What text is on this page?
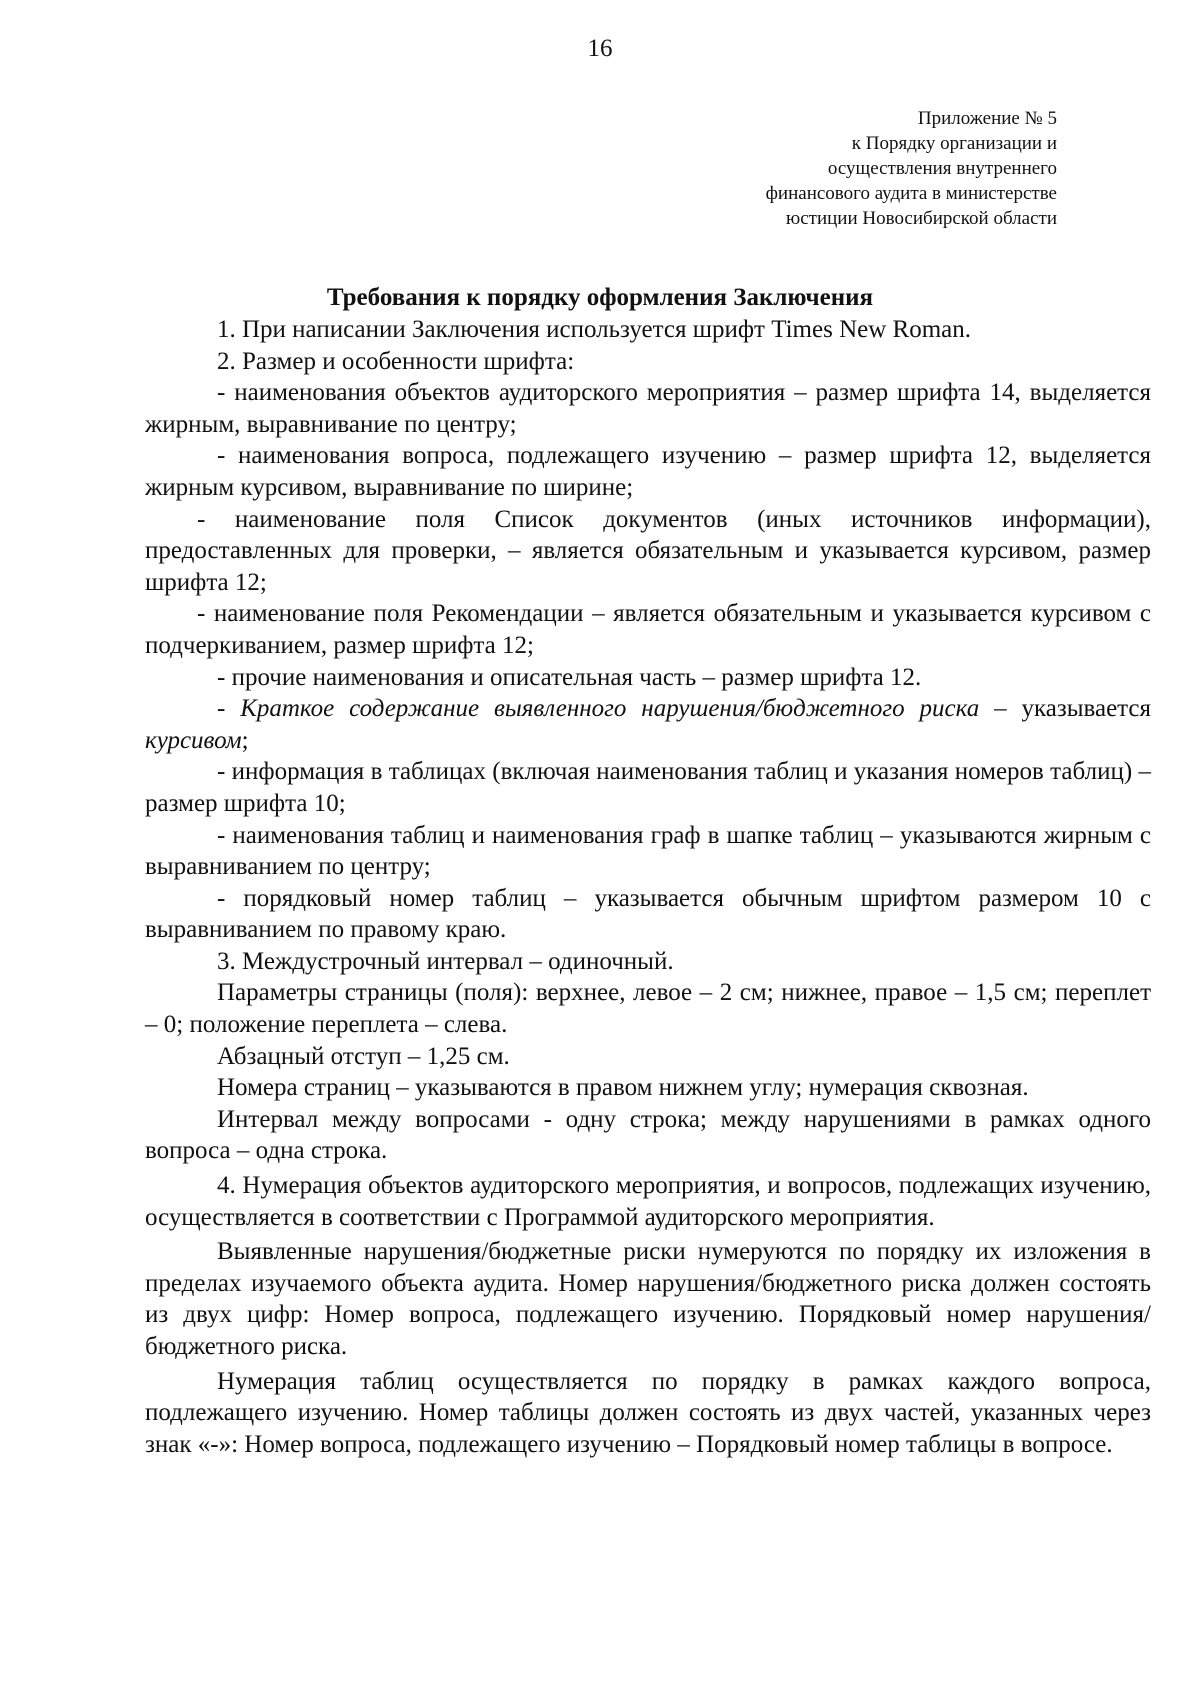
16
Приложение № 5
к Порядку организации и
осуществления внутреннего
финансового аудита в министерстве
юстиции Новосибирской области
Требования к порядку оформления Заключения

1. При написании Заключения используется шрифт Times New Roman.

2. Размер и особенности шрифта:

- наименования объектов аудиторского мероприятия – размер шрифта 14, выделяется жирным, выравнивание по центру;

- наименования вопроса, подлежащего изучению – размер шрифта 12, выделяется жирным курсивом, выравнивание по ширине;

- наименование поля Список документов (иных источников информации), предоставленных для проверки, – является обязательным и указывается курсивом, размер шрифта 12;

- наименование поля Рекомендации – является обязательным и указывается курсивом с подчеркиванием, размер шрифта 12;

- прочие наименования и описательная часть – размер шрифта 12.

- Краткое содержание выявленного нарушения/бюджетного риска – указывается курсивом;

- информация в таблицах (включая наименования таблиц и указания номеров таблиц) – размер шрифта 10;

- наименования таблиц и наименования граф в шапке таблиц – указываются жирным с выравниванием по центру;

- порядковый номер таблиц – указывается обычным шрифтом размером 10 с выравниванием по правому краю.

3. Междустрочный интервал – одиночный.

Параметры страницы (поля): верхнее, левое – 2 см; нижнее, правое – 1,5 см; переплет – 0; положение переплета – слева.

Абзацный отступ – 1,25 см.

Номера страниц – указываются в правом нижнем углу; нумерация сквозная.

Интервал между вопросами - одну строка; между нарушениями в рамках одного вопроса – одна строка.

4. Нумерация объектов аудиторского мероприятия, и вопросов, подлежащих изучению, осуществляется в соответствии с Программой аудиторского мероприятия.

Выявленные нарушения/бюджетные риски нумеруются по порядку их изложения в пределах изучаемого объекта аудита. Номер нарушения/бюджетного риска должен состоять из двух цифр: Номер вопроса, подлежащего изучению. Порядковый номер нарушения/бюджетного риска.

Нумерация таблиц осуществляется по порядку в рамках каждого вопроса, подлежащего изучению. Номер таблицы должен состоять из двух частей, указанных через знак «-»: Номер вопроса, подлежащего изучению – Порядковый номер таблицы в вопросе.
